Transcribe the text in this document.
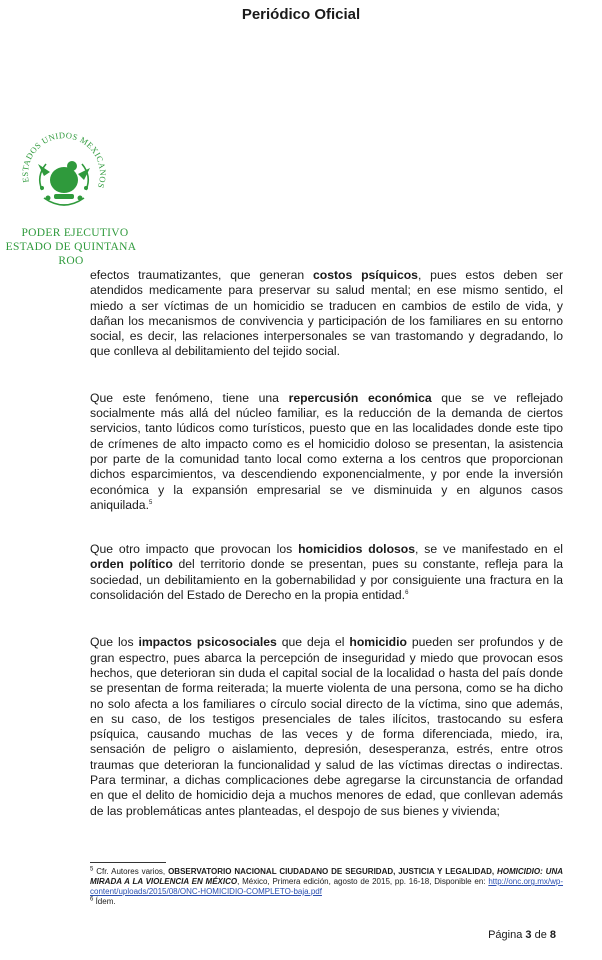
Periódico Oficial
ESTADOS UNIDOS MEXICANOS
PODER EJECUTIVO
ESTADO DE QUINTANA ROO

efectos traumatizantes, que generan costos psíquicos, pues estos deben ser atendidos medicamente para preservar su salud mental; en ese mismo sentido, el miedo a ser víctimas de un homicidio se traducen en cambios de estilo de vida, y dañan los mecanismos de convivencia y participación de los familiares en su entorno social, es decir, las relaciones interpersonales se van trastomando y degradando, lo que conlleva al debilitamiento del tejido social.

Que este fenómeno, tiene una repercusión económica que se ve reflejado socialmente más allá del núcleo familiar, es la reducción de la demanda de ciertos servicios, tanto lúdicos como turísticos, puesto que en las localidades donde este tipo de crímenes de alto impacto como es el homicidio doloso se presentan, la asistencia por parte de la comunidad tanto local como externa a los centros que proporcionan dichos esparcimientos, va descendiendo exponencialmente, y por ende la inversión económica y la expansión empresarial se ve disminuida y en algunos casos aniquilada.$^5$

Que otro impacto que provocan los homicidios dolosos, se ve manifestado en el orden político del territorio donde se presentan, pues su constante, refleja para la sociedad, un debilitamiento en la gobernabilidad y por consiguiente una fractura en la consolidación del Estado de Derecho en la propia entidad.$^6$

Que los impactos psicosociales que deja el homicidio pueden ser profundos y de gran espectro, pues abarca la percepción de inseguridad y miedo que provocan esos hechos, que deterioran sin duda el capital social de la localidad o hasta del país donde se presentan de forma reiterada; la muerte violenta de una persona, como se ha dicho no solo afecta a los familiares o círculo social directo de la víctima, sino que además, en su caso, de los testigos presenciales de tales ilícitos, trastocando su esfera psíquica, causando muchas de las veces y de forma diferenciada, miedo, ira, sensación de peligro o aislamiento, depresión, desesperanza, estrés, entre otros traumas que deterioran la funcionalidad y salud de las víctimas directas o indirectas. Para terminar, a dichas complicaciones debe agregarse la circunstancia de orfandad en que el delito de homicidio deja a muchos menores de edad, que conllevan además de las problemáticas antes planteadas, el despojo de sus bienes y vivienda;

$^5$ Cfr. Autores varios, OBSERVATORIO NACIONAL CIUDADANO DE SEGURIDAD, JUSTICIA Y LEGALIDAD, HOMICIDIO: UNA MIRADA A LA VIOLENCIA EN MÉXICO, México, Primera edición, agosto de 2015, pp. 16-18, Disponible en: http://onc.org.mx/wp-content/uploads/2015/08/ONC-HOMICIDIO-COMPLETO-baja.pdf

$^6$ Ídem.

Página 3 de 8
